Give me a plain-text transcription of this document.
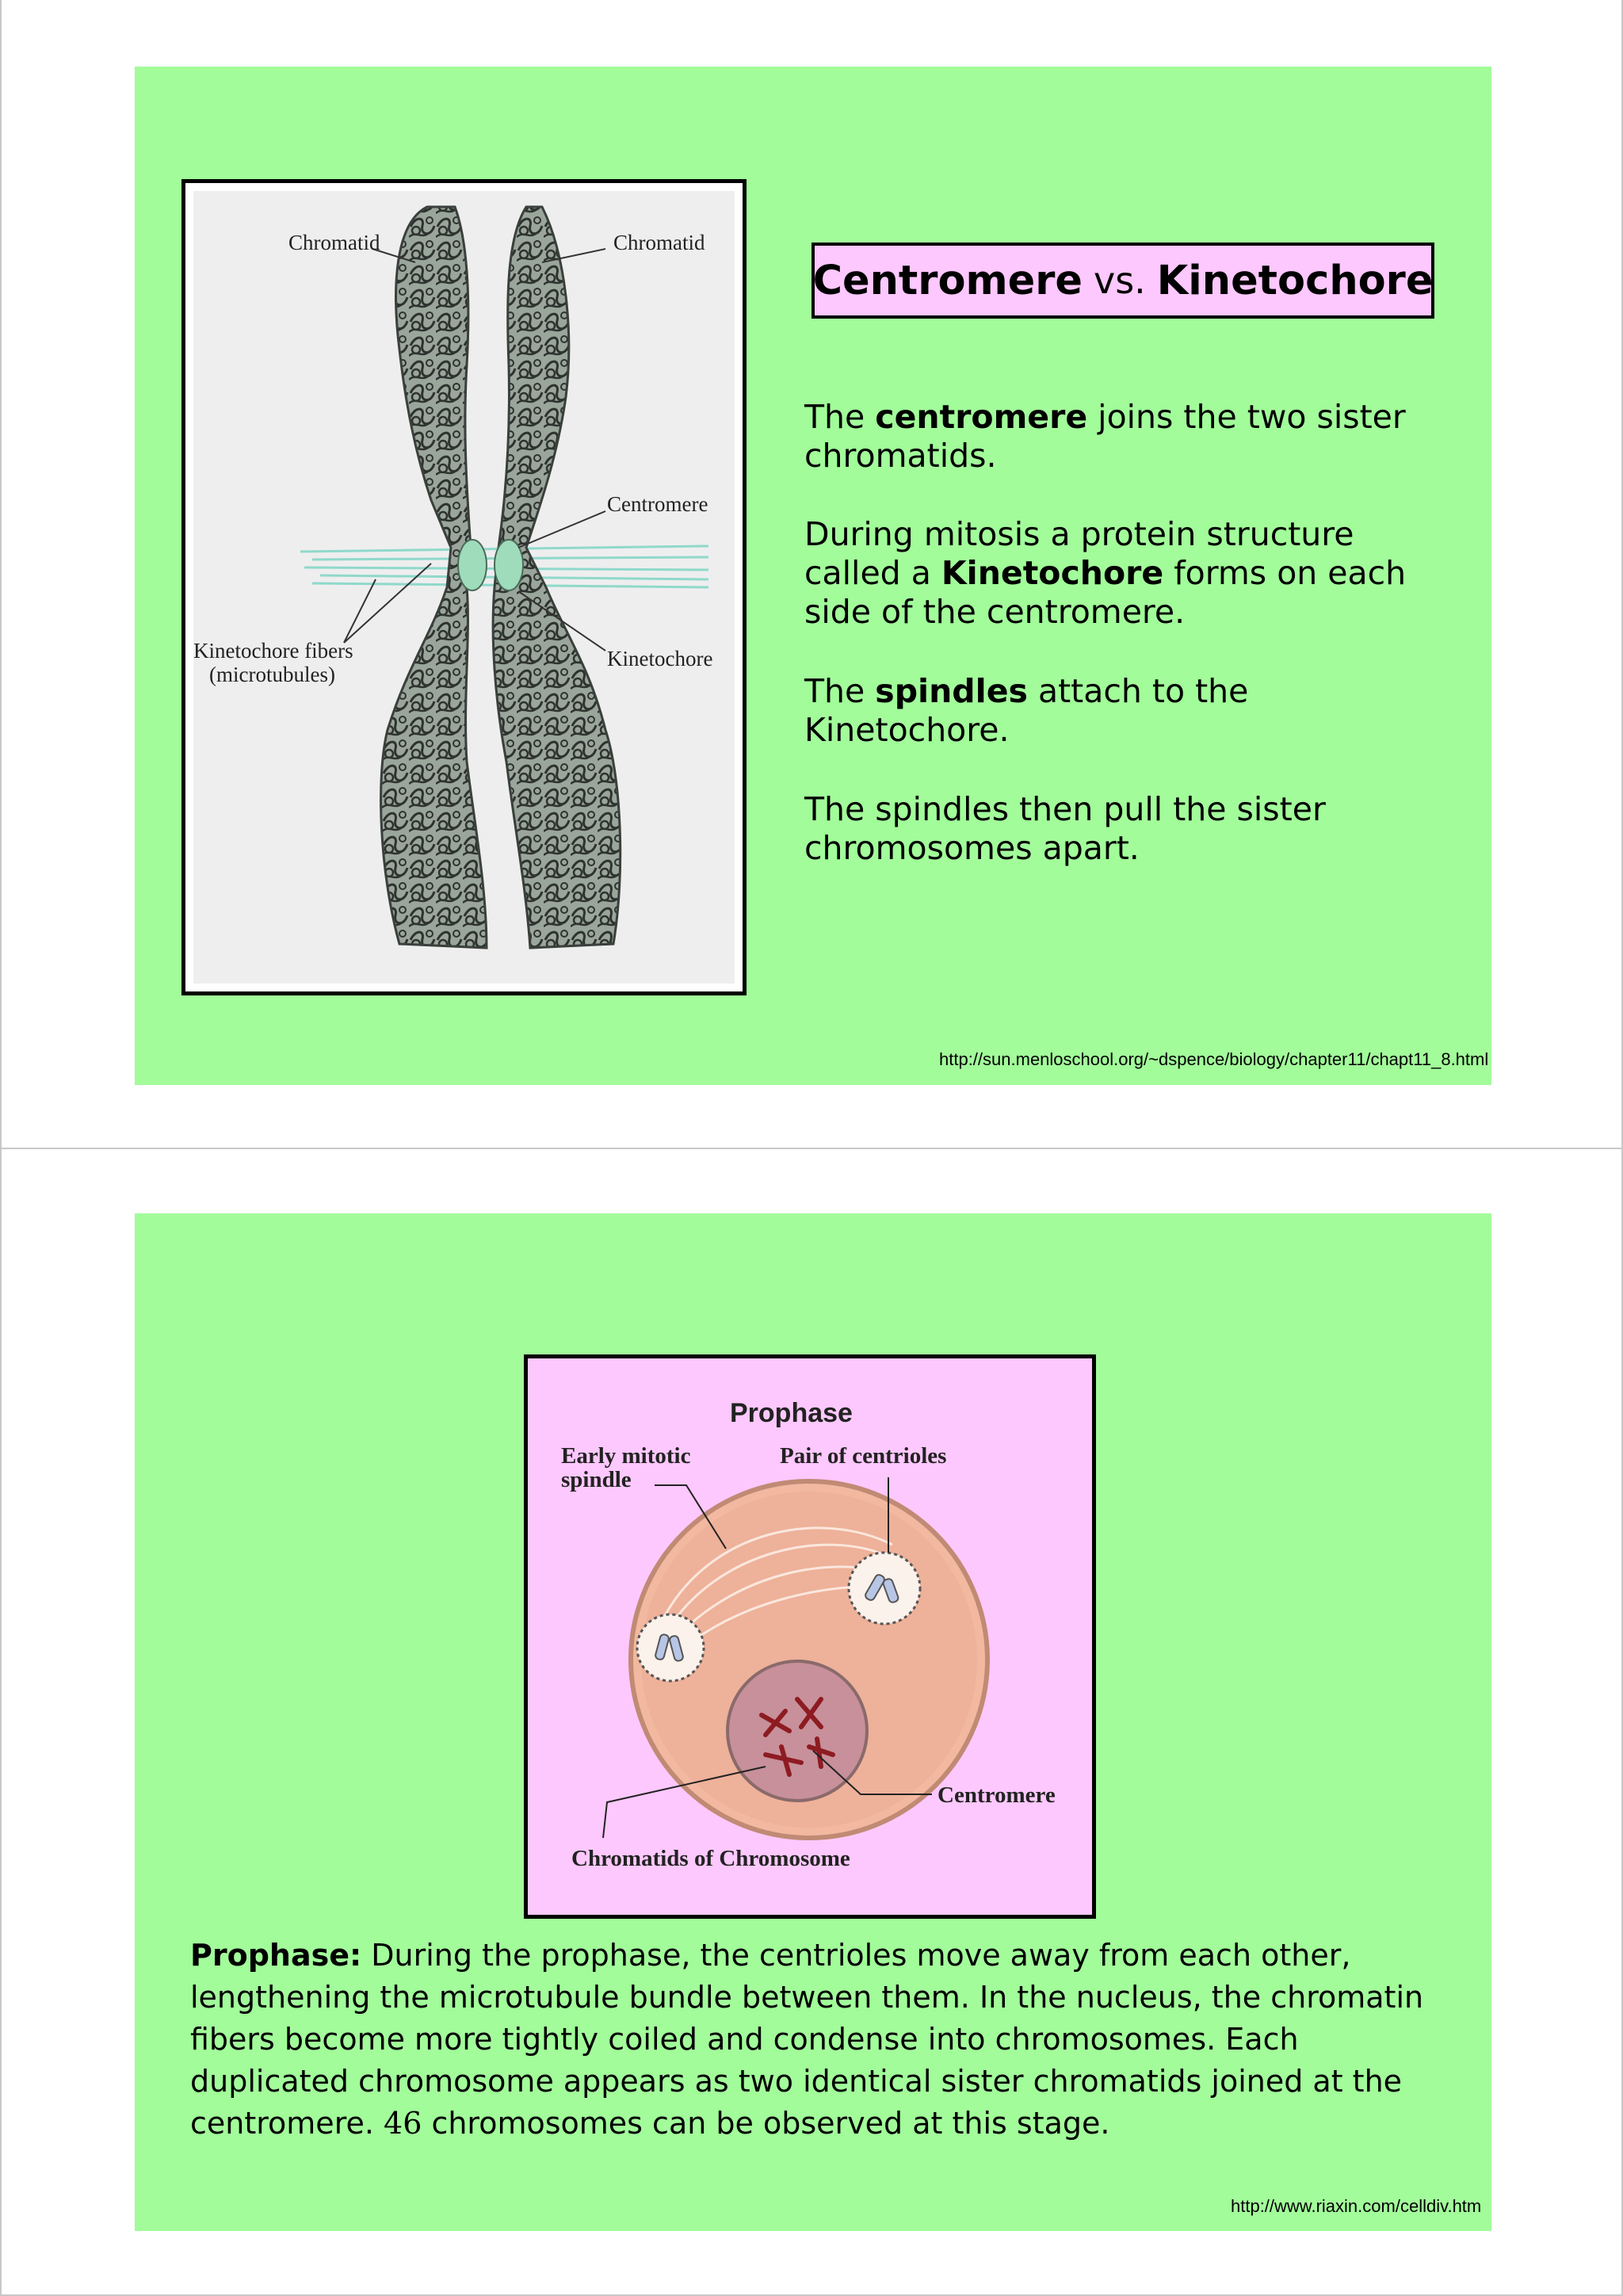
Chromatid	Chromatid
Centromere
Kinetochore
Kinetochore fibers
(microtubules)
Centromere vs. Kinetochore
The centromere joins the two sister chromatids.
During mitosis a protein structure called a Kinetochore forms on each side of the centromere.
The spindles attach to the Kinetochore.
The spindles then pull the sister chromosomes apart.
http://sun.menloschool.org/~dspence/biology/chapter11/chapt11_8.html
Prophase
Early mitotic
spindle
Pair of centrioles
Centromere
Chromatids of Chromosome
Prophase: During the prophase, the centrioles move away from each other, lengthening the microtubule bundle between them. In the nucleus, the chromatin fibers become more tightly coiled and condense into chromosomes. Each duplicated chromosome appears as two identical sister chromatids joined at the centromere. 46 chromosomes can be observed at this stage.
http://www.riaxin.com/celldiv.htm
